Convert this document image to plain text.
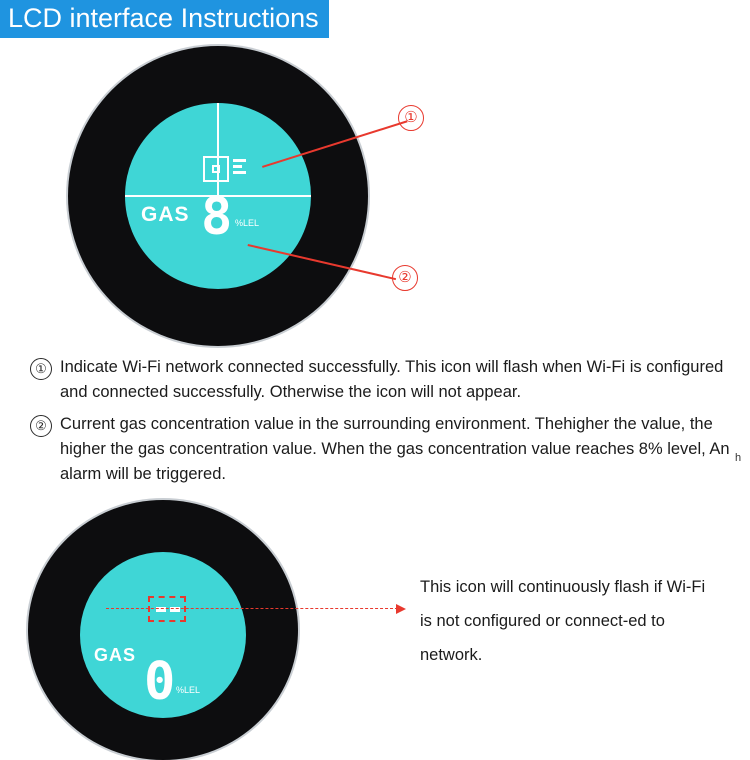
LCD interface Instructions
GAS 8 %LEL
①
②
① Indicate Wi-Fi network connected successfully. This icon will flash when Wi-Fi is configured and connected successfully. Otherwise the icon will not appear.
② Current gas concentration value in the surrounding environment. Thehigher the value, the higher the gas concentration value. When the gas concentration value reaches 8% level, An alarm will be triggered.
h
GAS 0 %LEL
This icon will continuously flash if Wi-Fi is not configured or connect-ed to network.
